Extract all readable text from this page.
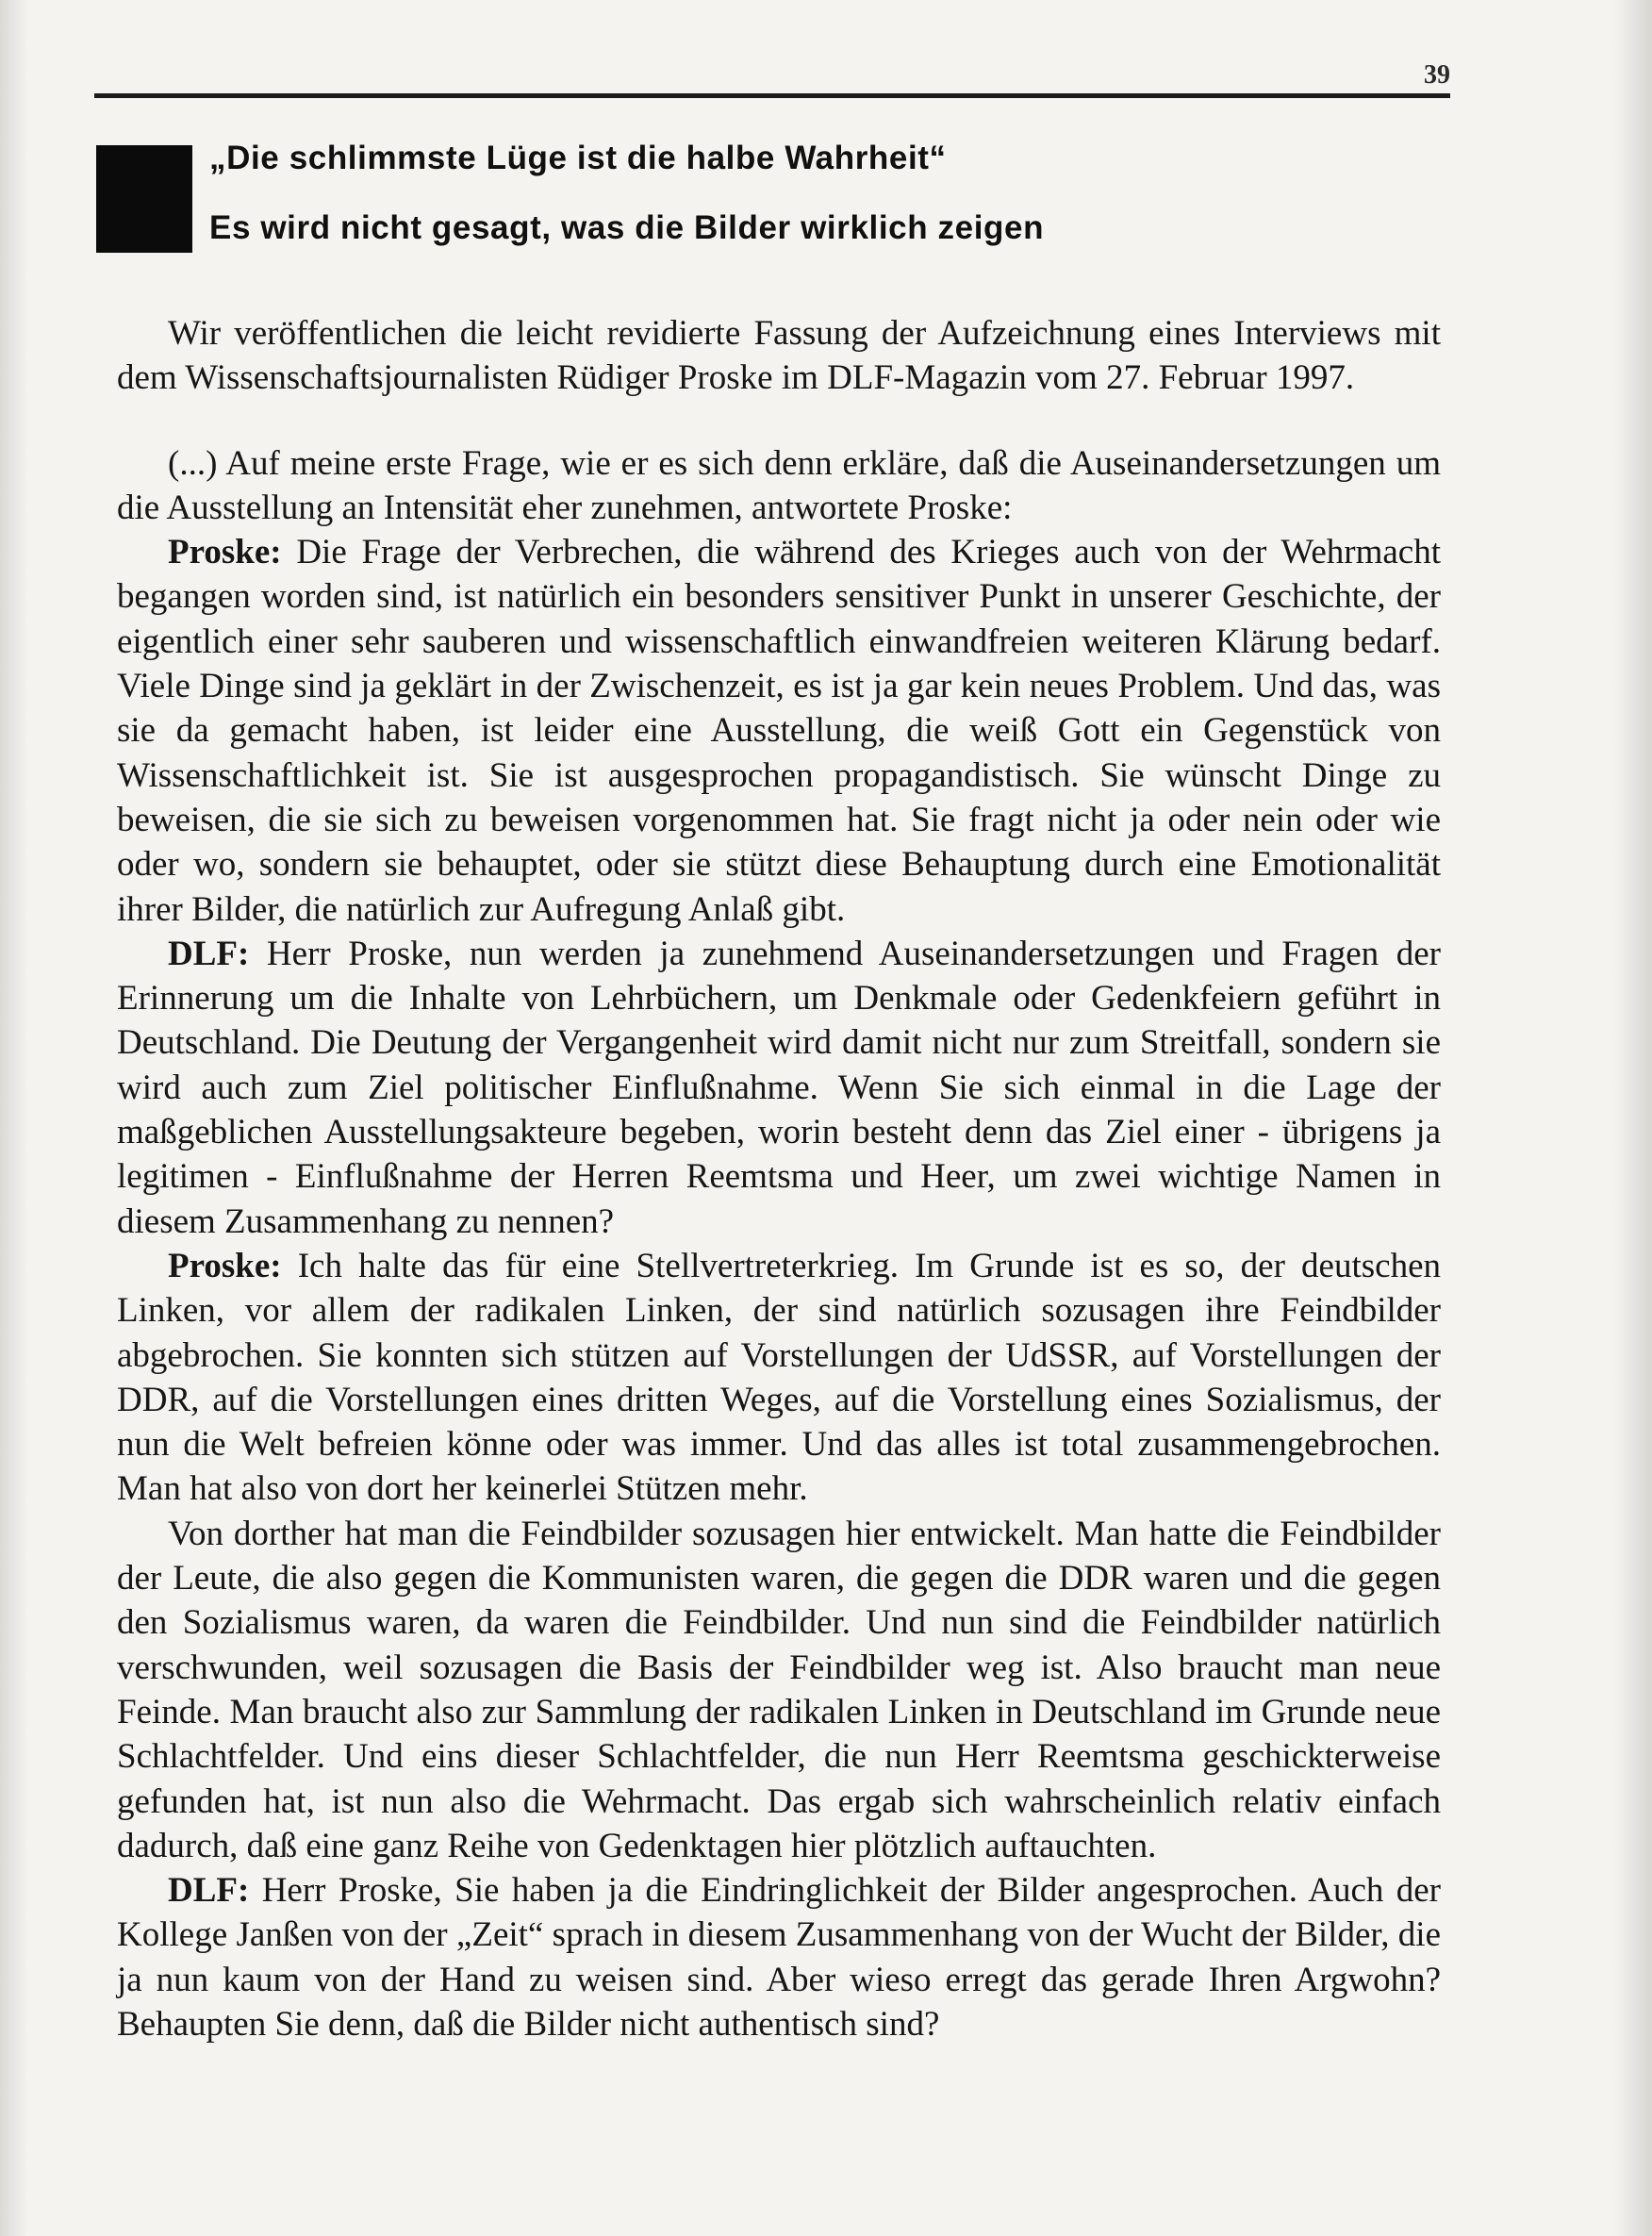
39
„Die schlimmste Lüge ist die halbe Wahrheit“
Es wird nicht gesagt, was die Bilder wirklich zeigen

Wir veröffentlichen die leicht revidierte Fassung der Aufzeichnung eines Interviews mit dem Wissenschaftsjournalisten Rüdiger Proske im DLF-Magazin vom 27. Februar 1997.

(...) Auf meine erste Frage, wie er es sich denn erkläre, daß die Auseinandersetzungen um die Ausstellung an Intensität eher zunehmen, antwortete Proske:

Proske: Die Frage der Verbrechen, die während des Krieges auch von der Wehrmacht begangen worden sind, ist natürlich ein besonders sensitiver Punkt in unserer Geschichte, der eigentlich einer sehr sauberen und wissenschaftlich einwandfreien weiteren Klärung bedarf. Viele Dinge sind ja geklärt in der Zwischenzeit, es ist ja gar kein neues Problem. Und das, was sie da gemacht haben, ist leider eine Ausstellung, die weiß Gott ein Gegenstück von Wissenschaftlichkeit ist. Sie ist ausgesprochen propagandistisch. Sie wünscht Dinge zu beweisen, die sie sich zu beweisen vorgenommen hat. Sie fragt nicht ja oder nein oder wie oder wo, sondern sie behauptet, oder sie stützt diese Behauptung durch eine Emotionalität ihrer Bilder, die natürlich zur Aufregung Anlaß gibt.

DLF: Herr Proske, nun werden ja zunehmend Auseinandersetzungen und Fragen der Erinnerung um die Inhalte von Lehrbüchern, um Denkmale oder Gedenkfeiern geführt in Deutschland. Die Deutung der Vergangenheit wird damit nicht nur zum Streitfall, sondern sie wird auch zum Ziel politischer Einflußnahme. Wenn Sie sich einmal in die Lage der maßgeblichen Ausstellungsakteure begeben, worin besteht denn das Ziel einer - übrigens ja legitimen - Einflußnahme der Herren Reemtsma und Heer, um zwei wichtige Namen in diesem Zusammenhang zu nennen?

Proske: Ich halte das für eine Stellvertreterkrieg. Im Grunde ist es so, der deutschen Linken, vor allem der radikalen Linken, der sind natürlich sozusagen ihre Feindbilder abgebrochen. Sie konnten sich stützen auf Vorstellungen der UdSSR, auf Vorstellungen der DDR, auf die Vorstellungen eines dritten Weges, auf die Vorstellung eines Sozialismus, der nun die Welt befreien könne oder was immer. Und das alles ist total zusammengebrochen. Man hat also von dort her keinerlei Stützen mehr.

Von dorther hat man die Feindbilder sozusagen hier entwickelt. Man hatte die Feindbilder der Leute, die also gegen die Kommunisten waren, die gegen die DDR waren und die gegen den Sozialismus waren, da waren die Feindbilder. Und nun sind die Feindbilder natürlich verschwunden, weil sozusagen die Basis der Feindbilder weg ist. Also braucht man neue Feinde. Man braucht also zur Sammlung der radikalen Linken in Deutschland im Grunde neue Schlachtfelder. Und eins dieser Schlachtfelder, die nun Herr Reemtsma geschickterweise gefunden hat, ist nun also die Wehrmacht. Das ergab sich wahrscheinlich relativ einfach dadurch, daß eine ganz Reihe von Gedenktagen hier plötzlich auftauchten.

DLF: Herr Proske, Sie haben ja die Eindringlichkeit der Bilder angesprochen. Auch der Kollege Janßen von der „Zeit“ sprach in diesem Zusammenhang von der Wucht der Bilder, die ja nun kaum von der Hand zu weisen sind. Aber wieso erregt das gerade Ihren Argwohn? Behaupten Sie denn, daß die Bilder nicht authentisch sind?
